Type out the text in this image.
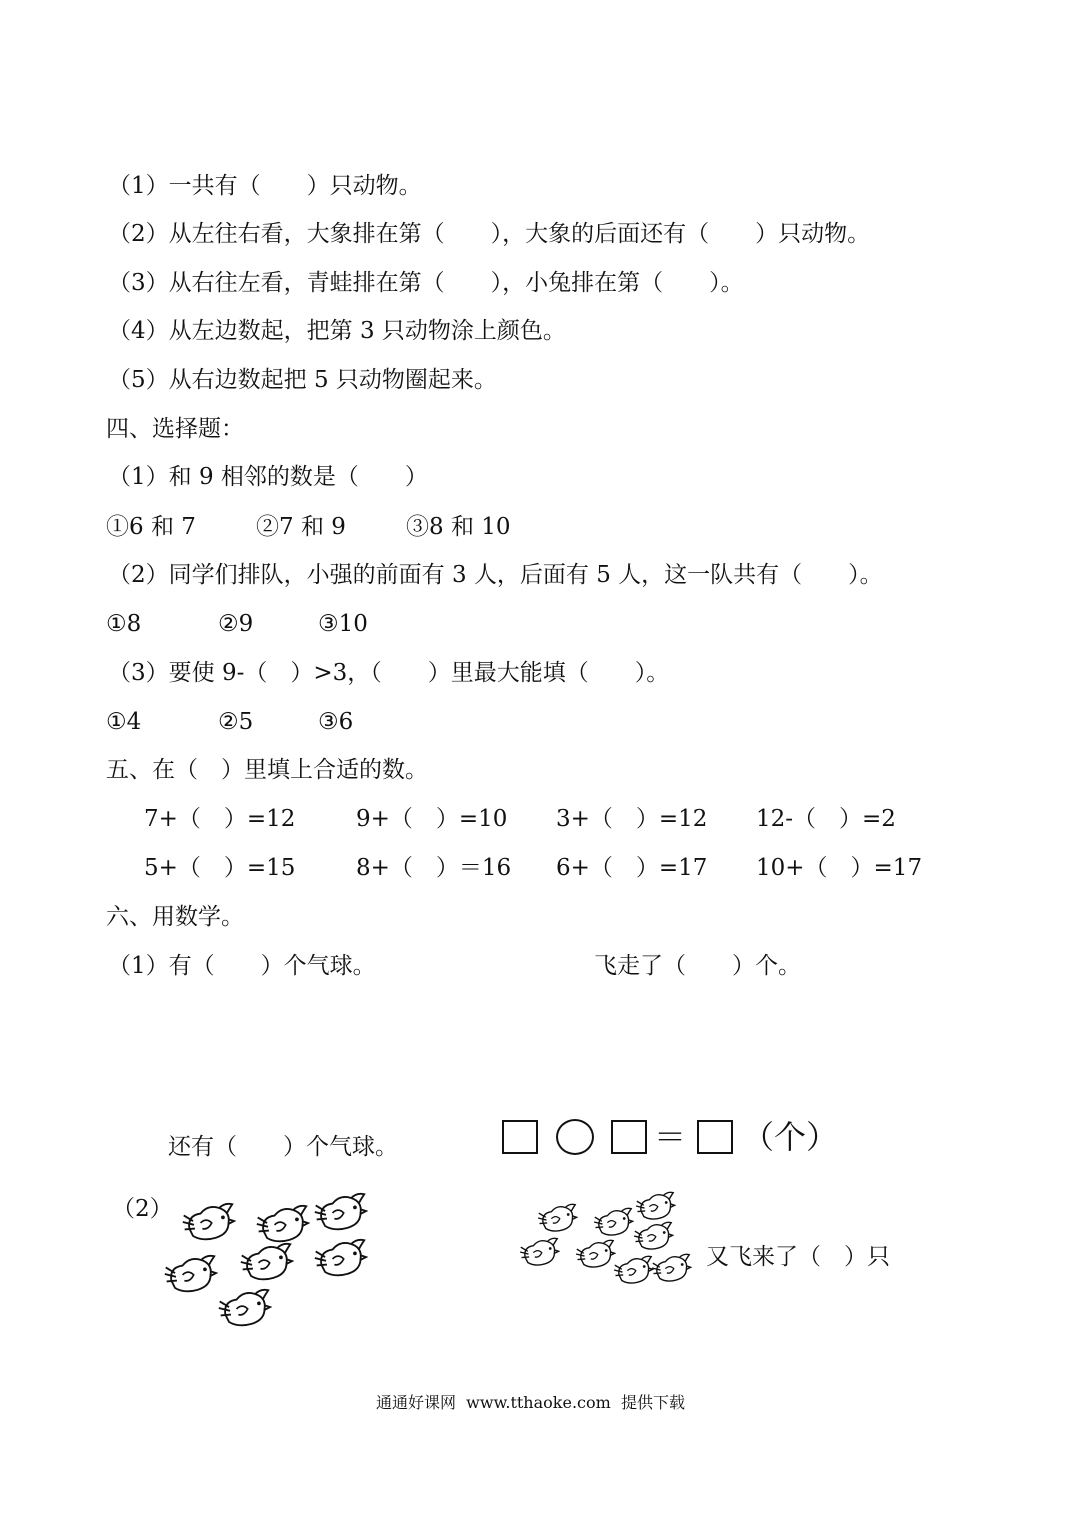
（1）一共有（　　）只动物。
（2）从左往右看，大象排在第（　　），大象的后面还有（　　）只动物。
（3）从右往左看，青蛙排在第（　　），小兔排在第（　　）。
（4）从左边数起，把第 3 只动物涂上颜色。
（5）从右边数起把 5 只动物圈起来。
四、选择题：
（1）和 9 相邻的数是（　　）
①6 和 7	②7 和 9	③8 和 10
（2）同学们排队，小强的前面有 3 人，后面有 5 人，这一队共有（　　）。
①8	②9	③10
（3）要使 9-（　）>3，（　　）里最大能填（　　）。
①4	②5	③6
五、在（　）里填上合适的数。
7+（　）=12	9+（　）=10 3+（　）=12 12-（　）=2
5+（　）=15	8+（　）＝16 6+（　）=17 10+（　）=17
六、用数学。
（1）有（　　）个气球。	飞走了（　　）个。
还有（　　）个气球。	＝ （个）
（2）
又飞来了（　）只
通通好课网  www.tthaoke.com  提供下载
